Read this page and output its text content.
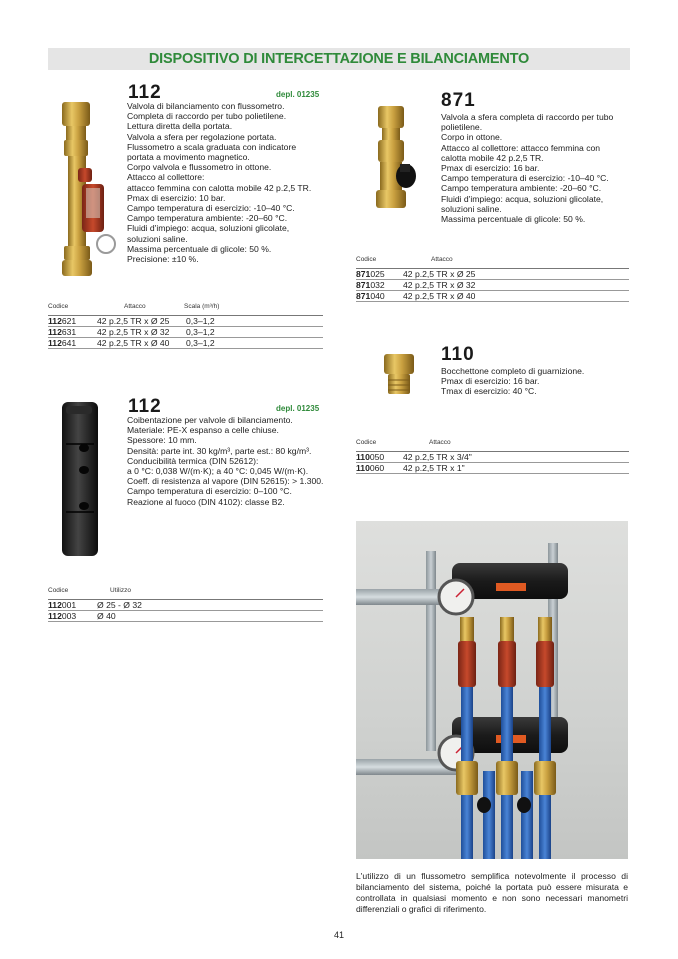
DISPOSITIVO DI INTERCETTAZIONE E BILANCIAMENTO
112	depl. 01235
Valvola di bilanciamento con flussometro.
Completa di raccordo per tubo polietilene.
Lettura diretta della portata.
Valvola a sfera per regolazione portata.
Flussometro a scala graduata con indicatore
portata a movimento magnetico.
Corpo valvola e flussometro in ottone.
Attacco al collettore:
attacco femmina con calotta mobile 42 p.2,5 TR.
Pmax di esercizio: 10 bar.
Campo temperatura di esercizio: -10–40 °C.
Campo temperatura ambiente: -20–60 °C.
Fluidi d'impiego: acqua, soluzioni glicolate,
soluzioni saline.
Massima percentuale di glicole: 50 %.
Precisione: ±10 %.
Codice	Attacco	Scala (m³/h)
112621 42 p.2,5 TR x Ø 25 0,3–1,2
112631 42 p.2,5 TR x Ø 32 0,3–1,2
112641 42 p.2,5 TR x Ø 40 0,3–1,2
112	depl. 01235
Coibentazione per valvole di bilanciamento.
Materiale: PE-X espanso a celle chiuse.
Spessore: 10 mm.
Densità: parte int. 30 kg/m³, parte est.: 80 kg/m³.
Conducibilità termica (DIN 52612):
a 0 °C: 0,038 W/(m·K); a 40 °C: 0,045 W/(m·K).
Coeff. di resistenza al vapore (DIN 52615): > 1.300.
Campo temperatura di esercizio: 0–100 °C.
Reazione al fuoco (DIN 4102): classe B2.
Codice	Utilizzo
112001 Ø 25 - Ø 32
112003 Ø 40
871
Valvola a sfera completa di raccordo per tubo
polietilene.
Corpo in ottone.
Attacco al collettore: attacco femmina con
calotta mobile 42 p.2,5 TR.
Pmax di esercizio: 16 bar.
Campo temperatura di esercizio: -10–40 °C.
Campo temperatura ambiente: -20–60 °C.
Fluidi d'impiego: acqua, soluzioni glicolate,
soluzioni saline.
Massima percentuale di glicole: 50 %.
Codice	Attacco
871025 42 p.2,5 TR x Ø 25
871032 42 p.2,5 TR x Ø 32
871040 42 p.2,5 TR x Ø 40
110
Bocchettone completo di guarnizione.
Pmax di esercizio: 16 bar.
Tmax di esercizio: 40 °C.
Codice	Attacco
110050 42 p.2,5 TR x 3/4"
110060 42 p.2,5 TR x 1"
L'utilizzo di un flussometro semplifica notevolmente il processo di bilanciamento del sistema, poiché la portata può essere misurata e controllata in qualsiasi momento e non sono necessari manometri differenziali o grafici di riferimento.
41
